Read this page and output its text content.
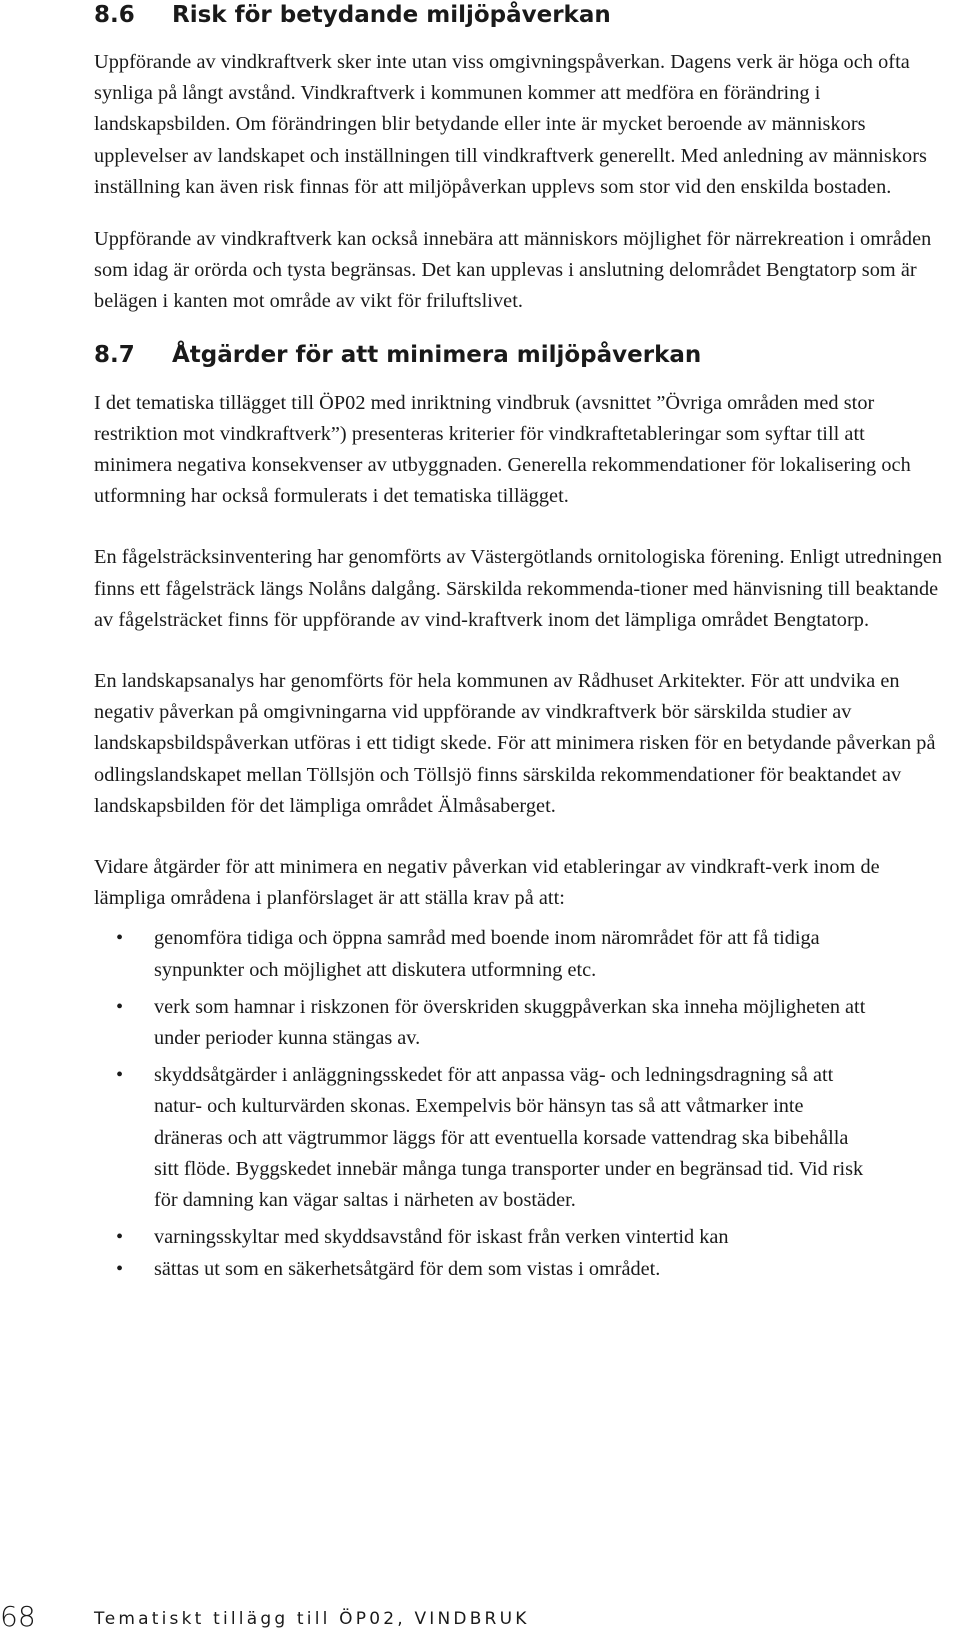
8.6	Risk för betydande miljöpåverkan

Uppförande av vindkraftverk sker inte utan viss omgivningspåverkan. Dagens verk är höga och ofta synliga på långt avstånd. Vindkraftverk i kommunen kommer att medföra en förändring i landskapsbilden. Om förändringen blir betydande eller inte är mycket beroende av människors upplevelser av landskapet och inställningen till vindkraftverk generellt. Med anledning av människors inställning kan även risk finnas för att miljöpåverkan upplevs som stor vid den enskilda bostaden.

Uppförande av vindkraftverk kan också innebära att människors möjlighet för närrekreation i områden som idag är orörda och tysta begränsas. Det kan upplevas i anslutning delområdet Bengtatorp som är belägen i kanten mot område av vikt för friluftslivet.

8.7	Åtgärder för att minimera miljöpåverkan

I det tematiska tillägget till ÖP02 med inriktning vindbruk (avsnittet ”Övriga områden med stor restriktion mot vindkraftverk”) presenteras kriterier för vindkraftetableringar som syftar till att minimera negativa konsekvenser av utbyggnaden. Generella rekommendationer för lokalisering och utformning har också formulerats i det tematiska tillägget.

En fågelsträcksinventering har genomförts av Västergötlands ornitologiska förening. Enligt utredningen finns ett fågelsträck längs Nolåns dalgång. Särskilda rekommenda-tioner med hänvisning till beaktande av fågelsträcket finns för uppförande av vind-kraftverk inom det lämpliga området Bengtatorp.

En landskapsanalys har genomförts för hela kommunen av Rådhuset Arkitekter. För att undvika en negativ påverkan på omgivningarna vid uppförande av vindkraftverk bör särskilda studier av landskapsbildspåverkan utföras i ett tidigt skede. För att minimera risken för en betydande påverkan på odlingslandskapet mellan Töllsjön och Töllsjö finns särskilda rekommendationer för beaktandet av landskapsbilden för det lämpliga området Älmåsaberget.

Vidare åtgärder för att minimera en negativ påverkan vid etableringar av vindkraft-verk inom de lämpliga områdena i planförslaget är att ställa krav på att:

• genomföra tidiga och öppna samråd med boende inom närområdet för att få tidiga synpunkter och möjlighet att diskutera utformning etc.
• verk som hamnar i riskzonen för överskriden skuggpåverkan ska inneha möjligheten att under perioder kunna stängas av.
• skyddsåtgärder i anläggningsskedet för att anpassa väg- och ledningsdragning så att natur- och kulturvärden skonas. Exempelvis bör hänsyn tas så att våtmarker inte dräneras och att vägtrummor läggs för att eventuella korsade vattendrag ska bibehålla sitt flöde. Byggskedet innebär många tunga transporter under en begränsad tid. Vid risk för damning kan vägar saltas i närheten av bostäder.
• varningsskyltar med skyddsavstånd för iskast från verken vintertid kan
• sättas ut som en säkerhetsåtgärd för dem som vistas i området.
68	Tematiskt tillägg till ÖP02, VINDBRUK
